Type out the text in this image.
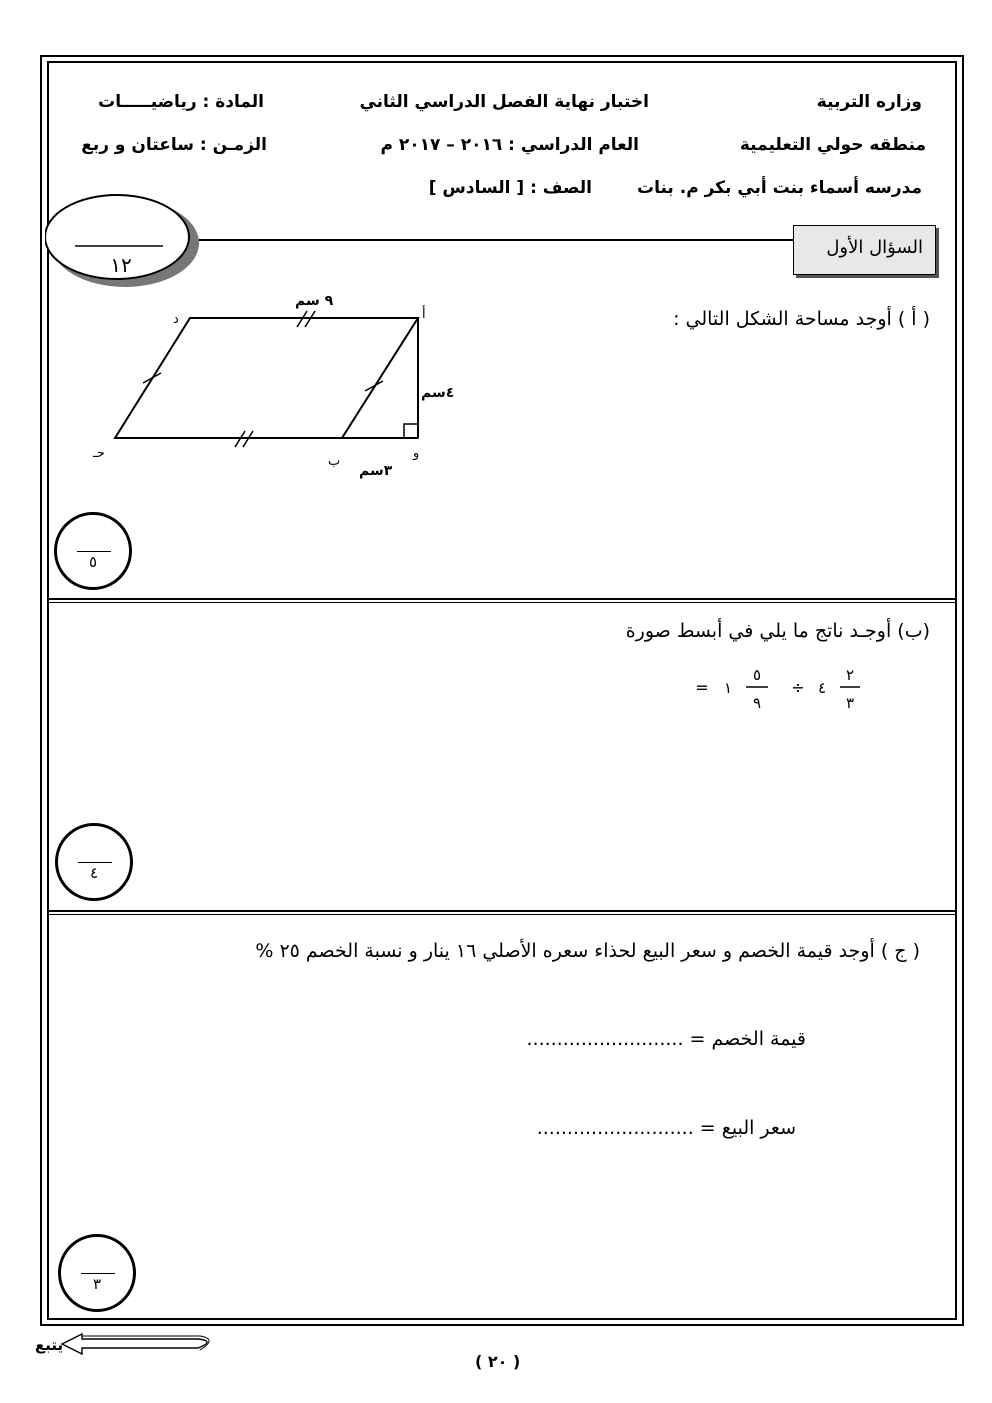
وزاره التربية
اختبار نهاية الفصل الدراسي الثاني
المادة : رياضيـــــات
منطقه حولي التعليمية
العام الدراسي : ٢٠١٦ – ٢٠١٧ م
الزمـن : ساعتان و ربع
مدرسه أسماء بنت أبي بكر م. بنات
الصف : [ السادس ]
١٢
السؤال الأول
( أ ) أوجد مساحة الشكل التالي :
أ
د
حـ
ب
و
٩ سم
٤سم
٣سم
٥
(ب) أوجـد ناتج ما يلي في أبسط صورة
٢
٣
٤
÷
٥
٩
١
=
٤
( ج ) أوجد قيمة الخصم و سعر البيع لحذاء سعره الأصلي ١٦ ينار و نسبة الخصم ٢٥ %
قيمة الخصم = ..........................
سعر البيع = ..........................
٣
يتبع
( ٢٠ )
